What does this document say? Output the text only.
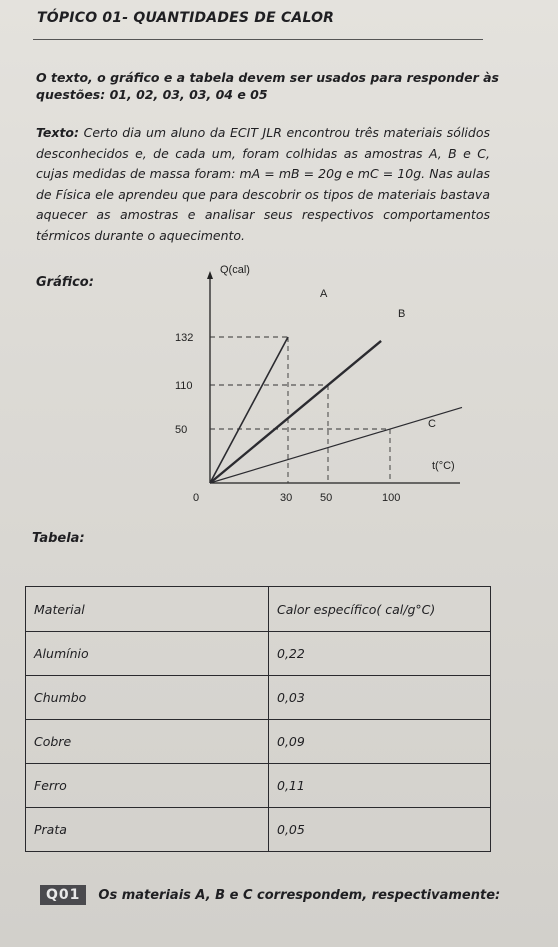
TÓPICO 01- QUANTIDADES DE CALOR
O texto, o gráfico e a tabela devem ser usados para responder às questões: 01, 02, 03, 03, 04 e 05
Texto: Certo dia um aluno da ECIT JLR encontrou três materiais sólidos desconhecidos e, de cada um, foram colhidas as amostras A, B e C, cujas medidas de massa foram: mA = mB = 20g e mC = 10g. Nas aulas de Física ele aprendeu que para descobrir os tipos de materiais bastava aquecer as amostras e analisar seus respectivos comportamentos térmicos durante o aquecimento.
Gráfico:
Q(cal)
t(°C)
0
50
110
132
30	50	100
A
B
C
Tabela:
Material	Calor específico( cal/g°C)
Alumínio	0,22
Chumbo	0,03
Cobre	0,09
Ferro	0,11
Prata	0,05
Q01	Os materiais A, B e C correspondem, respectivamente:
